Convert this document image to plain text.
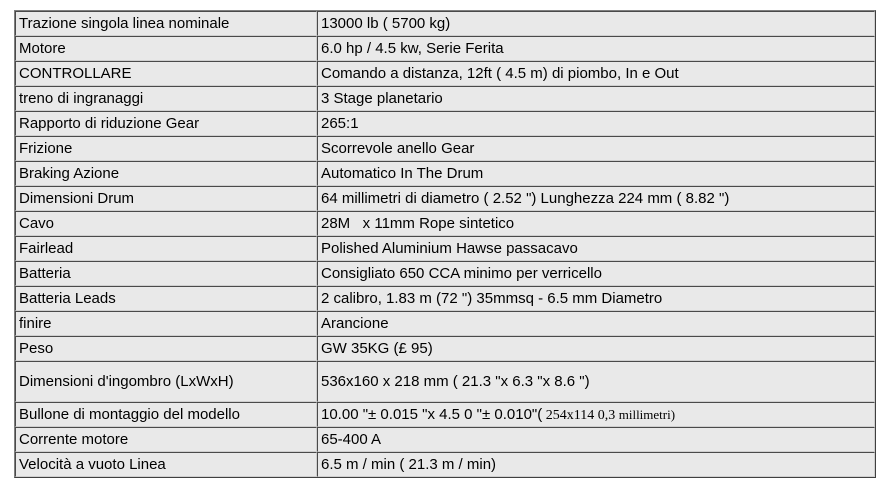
Trazione singola linea nominale	13000 lb ( 5700 kg)
Motore	6.0 hp / 4.5 kw, Serie Ferita
CONTROLLARE	Comando a distanza, 12ft ( 4.5 m) di piombo, In e Out
treno di ingranaggi	3 Stage planetario
Rapporto di riduzione Gear	265:1
Frizione	Scorrevole anello Gear
Braking Azione	Automatico In The Drum
Dimensioni Drum	64 millimetri di diametro ( 2.52 ") Lunghezza 224 mm ( 8.82 ")
Cavo	28M   x 11mm Rope sintetico
Fairlead	Polished Aluminium Hawse passacavo
Batteria	Consigliato 650 CCA minimo per verricello
Batteria Leads	2 calibro, 1.83 m (72 ") 35mmsq - 6.5 mm Diametro
finire	Arancione
Peso	GW 35KG (£ 95)
Dimensioni d'ingombro (LxWxH)	536x160 x 218 mm ( 21.3 "x 6.3 "x 8.6 ")
Bullone di montaggio del modello	10.00 "± 0.015 "x 4.5 0 "± 0.010"( 254x114 0,3 millimetri)
Corrente motore	65-400 A
Velocità a vuoto Linea	6.5 m / min ( 21.3 m / min)
